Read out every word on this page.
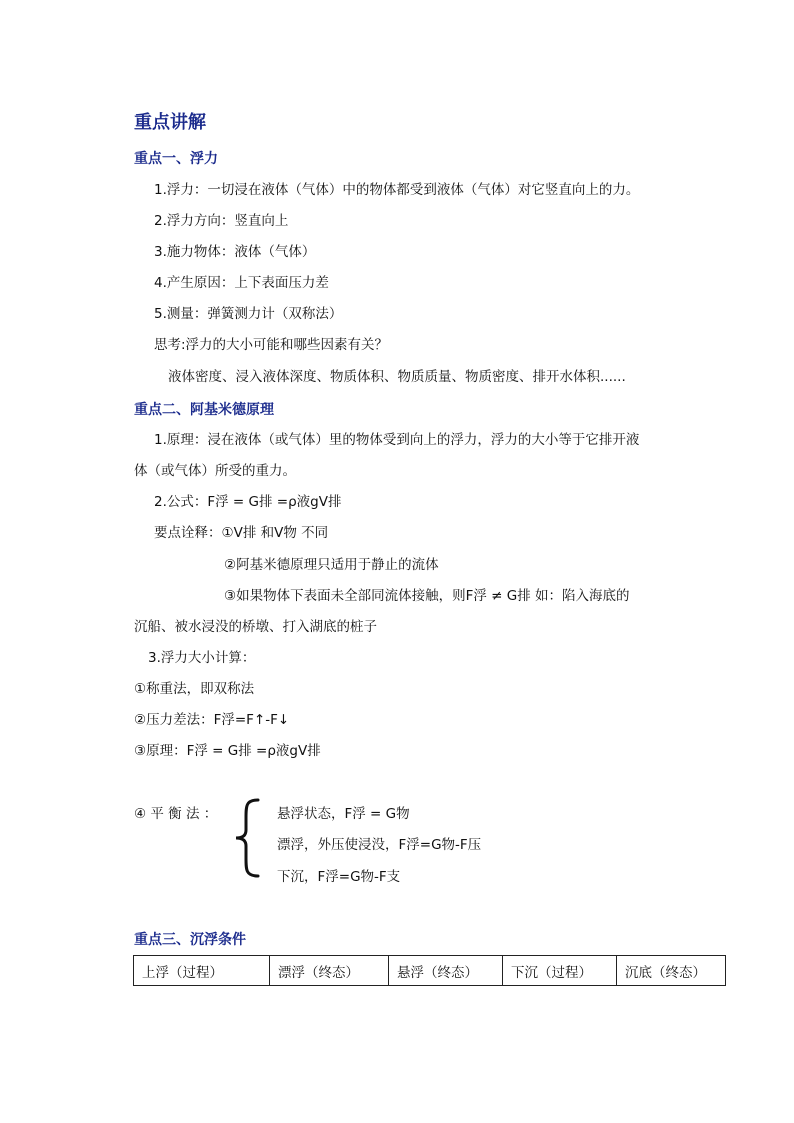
重点讲解
重点一、浮力
1.浮力：一切浸在液体（气体）中的物体都受到液体（气体）对它竖直向上的力。
2.浮力方向：竖直向上
3.施力物体：液体（气体）
4.产生原因：上下表面压力差
5.测量：弹簧测力计（双称法）
思考:浮力的大小可能和哪些因素有关？
液体密度、浸入液体深度、物质体积、物质质量、物质密度、排开水体积......
重点二、阿基米德原理
1.原理：浸在液体（或气体）里的物体受到向上的浮力，浮力的大小等于它排开液
体（或气体）所受的重力。
2.公式：F浮 = G排 =ρ液gV排
要点诠释：①V排 和V物 不同
②阿基米德原理只适用于静止的流体
③如果物体下表面未全部同流体接触，则F浮 ≠ G排 如：陷入海底的
沉船、被水浸没的桥墩、打入湖底的桩子
3.浮力大小计算：
①称重法，即双称法
②压力差法：F浮=F↑-F↓
③原理：F浮 = G排 =ρ液gV排
④ 平 衡 法 ：	悬浮状态，F浮 = G物
漂浮，外压使浸没，F浮=G物-F压
下沉，F浮=G物-F支
重点三、沉浮条件
上浮（过程）	漂浮（终态）	悬浮（终态）	下沉（过程）	沉底（终态）
